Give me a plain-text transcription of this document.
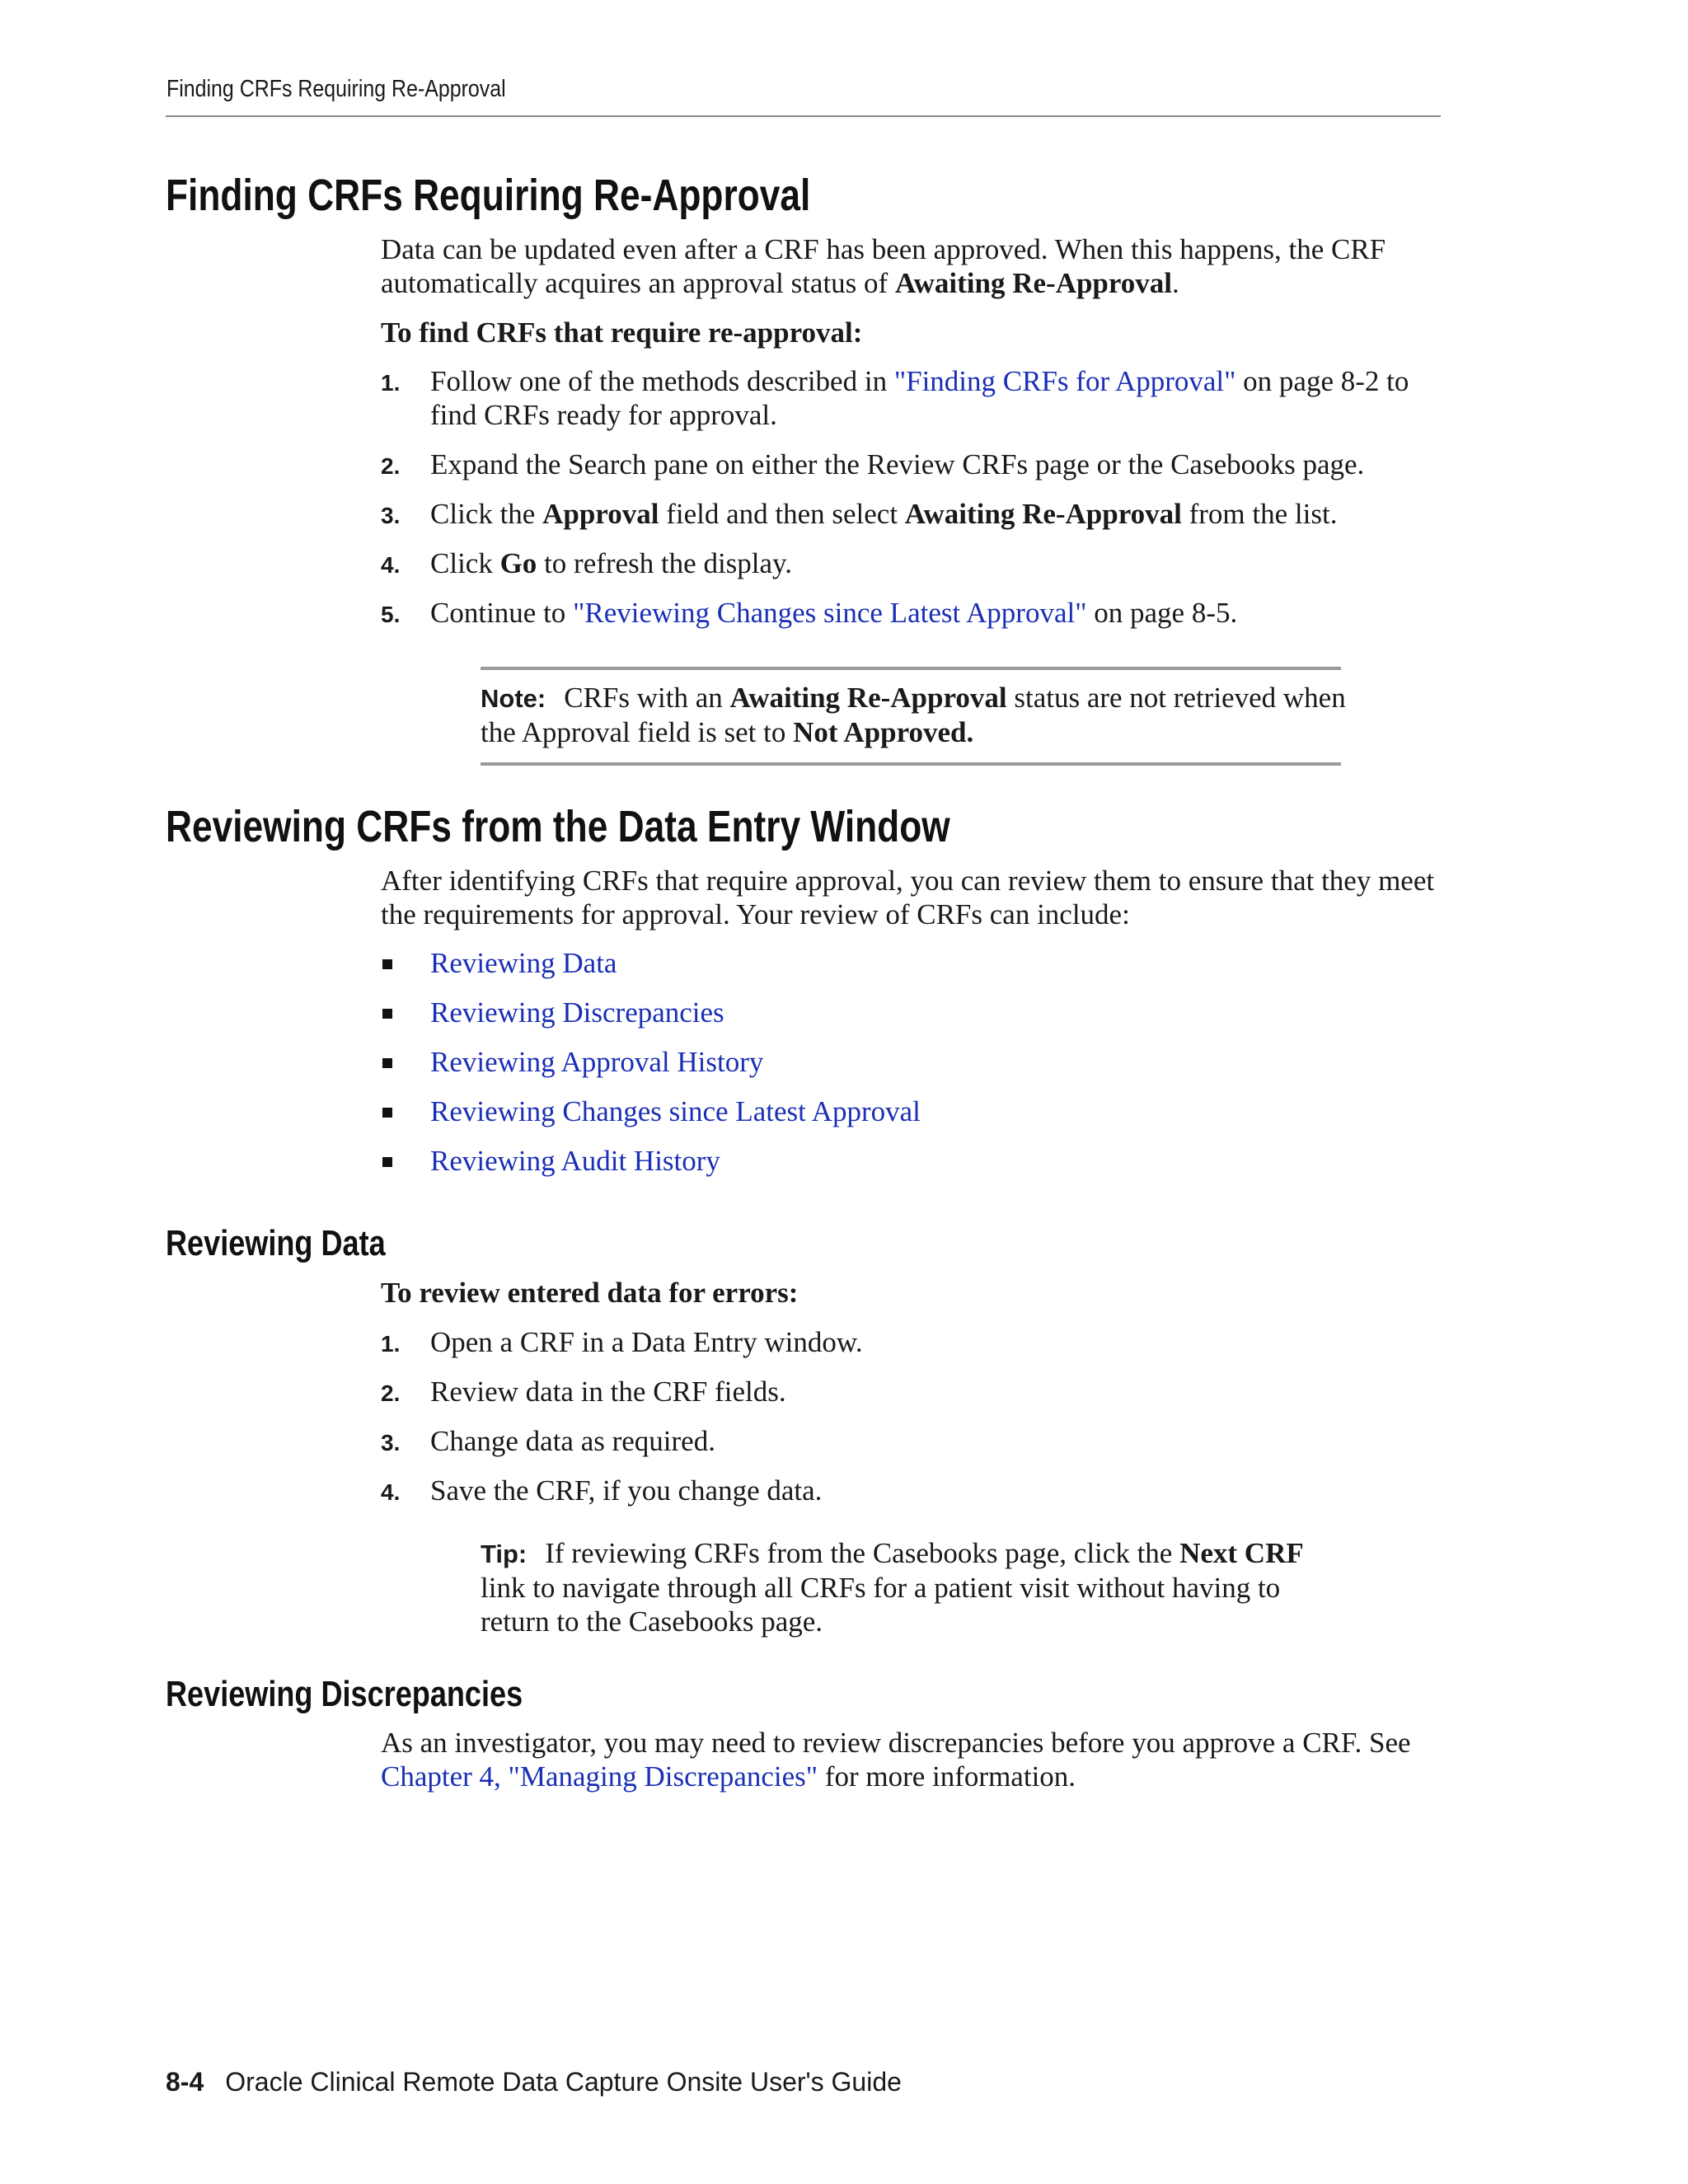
Finding CRFs Requiring Re-Approval
Finding CRFs Requiring Re-Approval
Data can be updated even after a CRF has been approved. When this happens, the CRF automatically acquires an approval status of Awaiting Re-Approval.
To find CRFs that require re-approval:
1. Follow one of the methods described in "Finding CRFs for Approval" on page 8-2 to find CRFs ready for approval.
2. Expand the Search pane on either the Review CRFs page or the Casebooks page.
3. Click the Approval field and then select Awaiting Re-Approval from the list.
4. Click Go to refresh the display.
5. Continue to "Reviewing Changes since Latest Approval" on page 8-5.
Note: CRFs with an Awaiting Re-Approval status are not retrieved when the Approval field is set to Not Approved.
Reviewing CRFs from the Data Entry Window
After identifying CRFs that require approval, you can review them to ensure that they meet the requirements for approval. Your review of CRFs can include:
Reviewing Data
Reviewing Discrepancies
Reviewing Approval History
Reviewing Changes since Latest Approval
Reviewing Audit History
Reviewing Data
To review entered data for errors:
1. Open a CRF in a Data Entry window.
2. Review data in the CRF fields.
3. Change data as required.
4. Save the CRF, if you change data.
Tip: If reviewing CRFs from the Casebooks page, click the Next CRF link to navigate through all CRFs for a patient visit without having to return to the Casebooks page.
Reviewing Discrepancies
As an investigator, you may need to review discrepancies before you approve a CRF. See Chapter 4, "Managing Discrepancies" for more information.
8-4 Oracle Clinical Remote Data Capture Onsite User's Guide
